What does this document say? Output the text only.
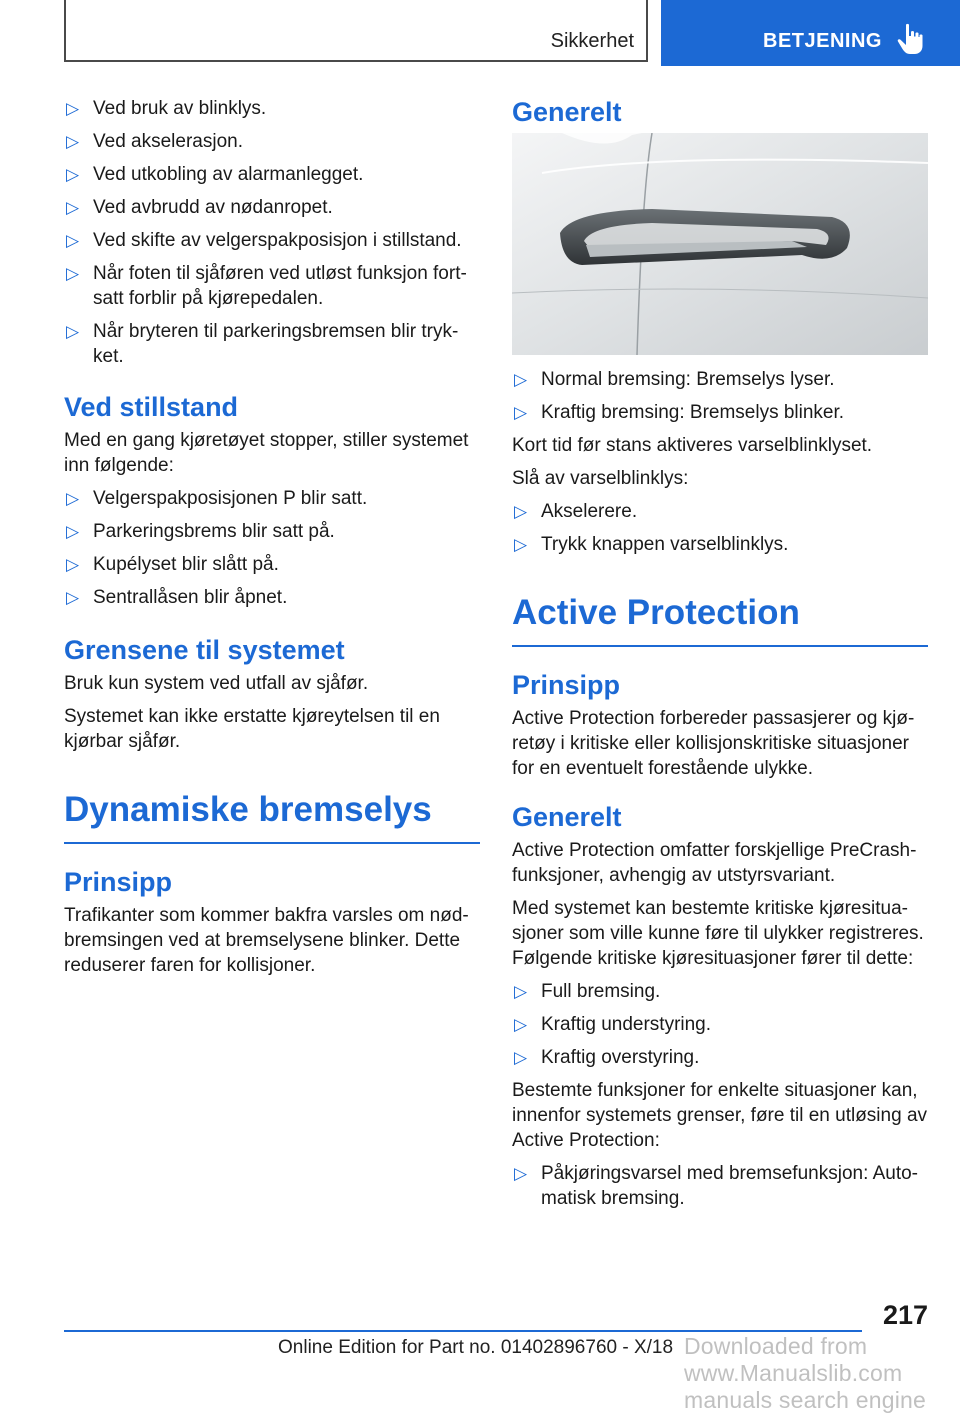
Sikkerhet	BETJENING
▷ Ved bruk av blinklys.
▷ Ved akselerasjon.
▷ Ved utkobling av alarmanlegget.
▷ Ved avbrudd av nødanropet.
▷ Ved skifte av velgerspakposisjon i stillstand.
▷ Når foten til sjåføren ved utløst funksjon fort-
satt forblir på kjørepedalen.
▷ Når bryteren til parkeringsbremsen blir tryk-
ket.
Ved stillstand

Med en gang kjøretøyet stopper, stiller systemet inn følgende:

▷ Velgerspakposisjonen P blir satt.
▷ Parkeringsbrems blir satt på.
▷ Kupélyset blir slått på.
▷ Sentrallåsen blir åpnet.
Grensene til systemet

Bruk kun system ved utfall av sjåfør.

Systemet kan ikke erstatte kjøreytelsen til en kjørbar sjåfør.

Dynamiske bremselys
Prinsipp

Trafikanter som kommer bakfra varsles om nød-
bremsingen ved at bremselysene blinker. Dette reduserer faren for kollisjoner.

Generelt
▷ Normal bremsing: Bremselys lyser.
▷ Kraftig bremsing: Bremselys blinker.

Kort tid før stans aktiveres varselblinklyset.

Slå av varselblinklys:

▷ Akselerere.
▷ Trykk knappen varselblinklys.
Active Protection
Prinsipp

Active Protection forbereder passasjerer og kjø-
retøy i kritiske eller kollisjonskritiske situasjoner for en eventuelt forestående ulykke.

Generelt

Active Protection omfatter forskjellige PreCrash-
funksjoner, avhengig av utstyrsvariant.

Med systemet kan bestemte kritiske kjøresitua-
sjoner som ville kunne føre til ulykker registreres. Følgende kritiske kjøresituasjoner fører til dette:

▷ Full bremsing.
▷ Kraftig understyring.
▷ Kraftig overstyring.

Bestemte funksjoner for enkelte situasjoner kan, innenfor systemets grenser, føre til en utløsing av Active Protection:

▷ Påkjøringsvarsel med bremsefunksjon: Auto-
matisk bremsing.
217
Online Edition for Part no. 01402896760 - X/18 Downloaded from www.Manualslib.com manuals search engine
